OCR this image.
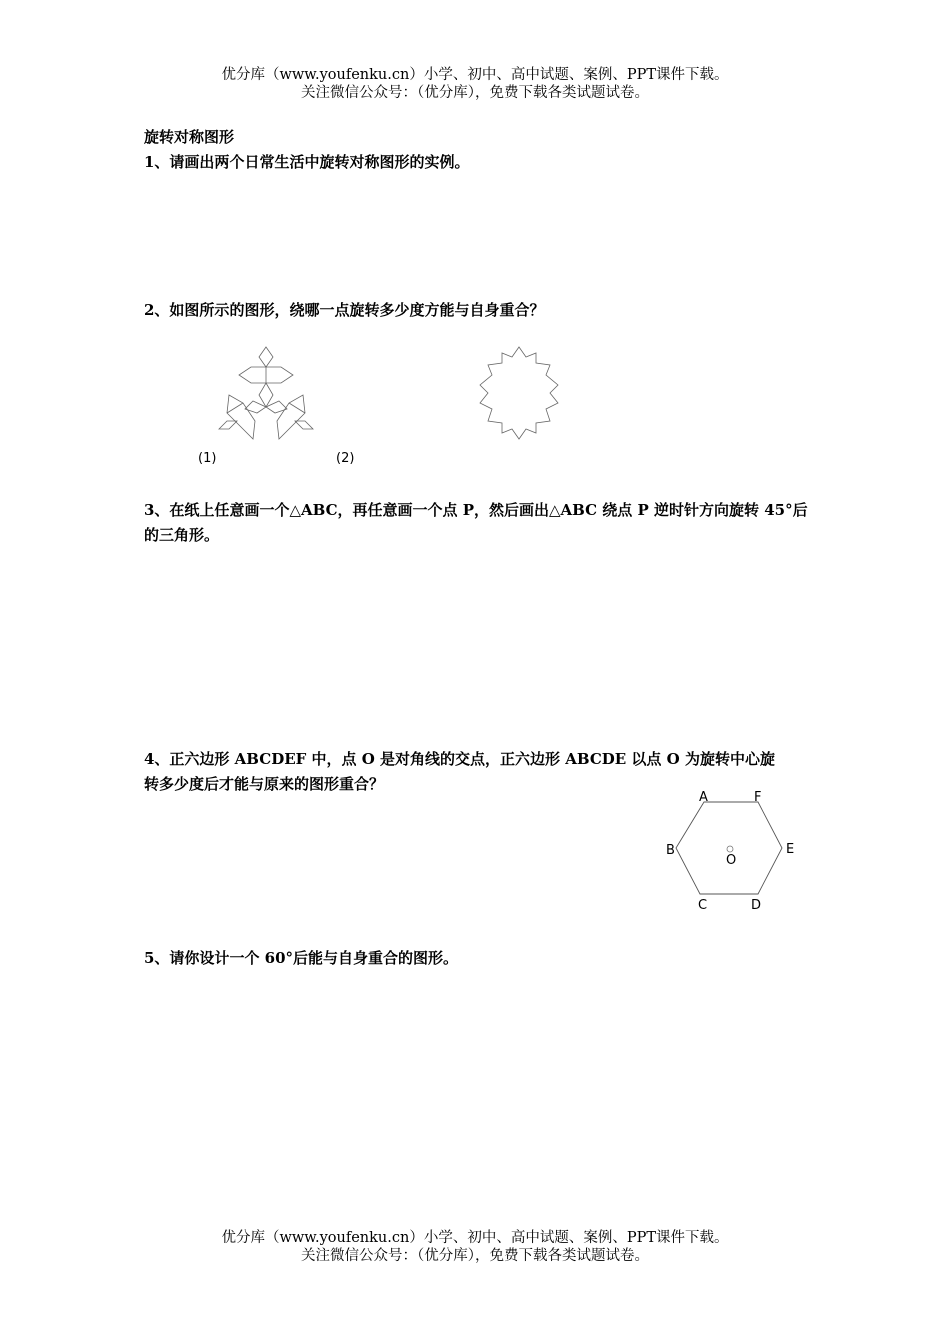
优分库（www.youfenku.cn）小学、初中、高中试题、案例、PPT课件下载。
关注微信公众号：（优分库），免费下载各类试题试卷。
旋转对称图形
1、请画出两个日常生活中旋转对称图形的实例。
2、如图所示的图形，绕哪一点旋转多少度方能与自身重合？
(1)	(2)
3、在纸上任意画一个△ABC，再任意画一个点 P，然后画出△ABC 绕点 P 逆时针方向旋转 45°后
的三角形。
4、正六边形 ABCDEF 中，点 O 是对角线的交点，正六边形 ABCDE 以点 O 为旋转中心旋
转多少度后才能与原来的图形重合？
A	F
B	E
O
C	D
5、请你设计一个 60°后能与自身重合的图形。
优分库（www.youfenku.cn）小学、初中、高中试题、案例、PPT课件下载。
关注微信公众号：（优分库），免费下载各类试题试卷。
